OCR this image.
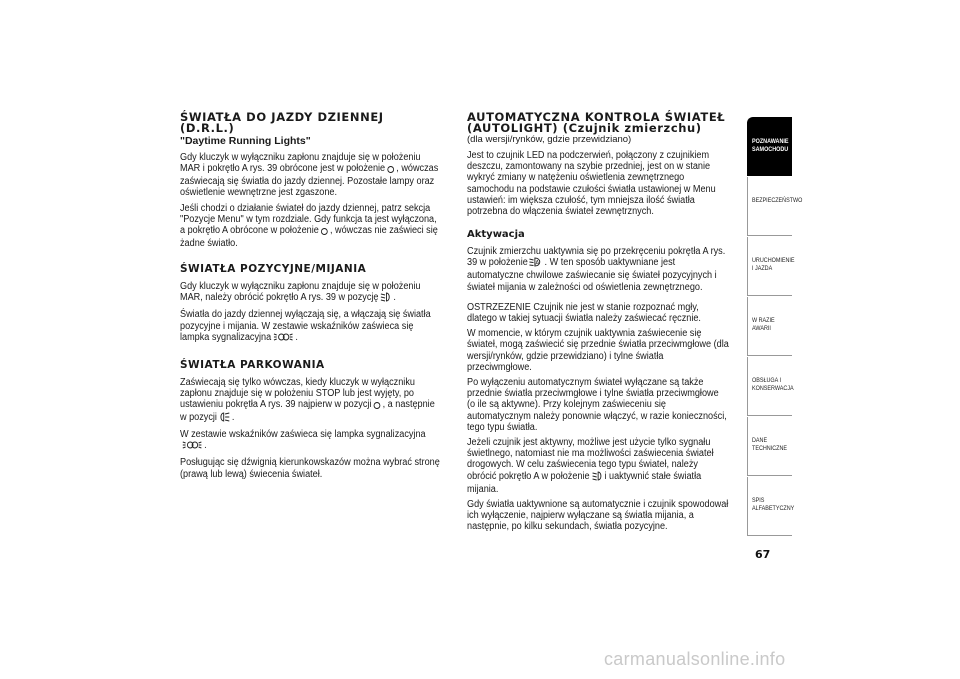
ŚWIATŁA DO JAZDY DZIENNEJ (D.R.L.)
"Daytime Running Lights"

Gdy kluczyk w wyłączniku zapłonu znajduje się w położeniu MAR i pokrętło A rys. 39 obrócone jest w położenie ⭘ , wówczas zaświecają się światła do jazdy dziennej. Pozostałe lampy oraz oświetlenie wewnętrzne jest zgaszone.

Jeśli chodzi o działanie świateł do jazdy dziennej, patrz sekcja "Pozycje Menu" w tym rozdziale. Gdy funkcja ta jest wyłączona, a pokrętło A obrócone w położenie ⭘ , wówczas nie zaświeci się żadne światło.

ŚWIATŁA POZYCYJNE/MIJANIA

Gdy kluczyk w wyłączniku zapłonu znajduje się w położeniu MAR, należy obrócić pokrętło A rys. 39 w pozycję .

Światła do jazdy dziennej wyłączają się, a włączają się światła pozycyjne i mijania. W zestawie wskaźników zaświeca się lampka sygnalizacyjna .

ŚWIATŁA PARKOWANIA

Zaświecają się tylko wówczas, kiedy kluczyk w wyłączniku zapłonu znajduje się w położeniu STOP lub jest wyjęty, po ustawieniu pokrętła A rys. 39 najpierw w pozycji ⭘ , a następnie w pozycji .

W zestawie wskaźników zaświeca się lampka sygnalizacyjna.

Posługując się dźwignią kierunkowskazów można wybrać stronę (prawą lub lewą) świecenia świateł.

AUTOMATYCZNA KONTROLA ŚWIATEŁ (AUTOLIGHT) (Czujnik zmierzchu)
(dla wersji/rynków, gdzie przewidziano)

Jest to czujnik LED na podczerwień, połączony z czujnikiem deszczu, zamontowany na szybie przedniej, jest on w stanie wykryć zmiany w natężeniu oświetlenia zewnętrznego samochodu na podstawie czułości światła ustawionej w Menu ustawień: im większa czułość, tym mniejsza ilość światła potrzebna do włączenia świateł zewnętrznych.

Aktywacja

Czujnik zmierzchu uaktywnia się po przekręceniu pokrętła A rys. 39 w położenie A . W ten sposób uaktywniane jest automatyczne chwilowe zaświecanie się świateł pozycyjnych i świateł mijania w zależności od oświetlenia zewnętrznego.

OSTRZEŻENIE Czujnik nie jest w stanie rozpoznać mgły, dlatego w takiej sytuacji światła należy zaświecać ręcznie.

W momencie, w którym czujnik uaktywnia zaświecenie się świateł, mogą zaświecić się przednie światła przeciwmgłowe (dla wersji/rynków, gdzie przewidziano) i tylne światła przeciwmgłowe.

Po wyłączeniu automatycznym świateł wyłączane są także przednie światła przeciwmgłowe i tylne światła przeciwmgłowe (o ile są aktywne). Przy kolejnym zaświeceniu się automatycznym należy ponownie włączyć, w razie konieczności, tego typu światła.

Jeżeli czujnik jest aktywny, możliwe jest użycie tylko sygnału świetlnego, natomiast nie ma możliwości zaświecenia świateł drogowych. W celu zaświecenia tego typu świateł, należy obrócić pokrętło A w położenie i uaktywnić stałe światła mijania.

Gdy światła uaktywnione są automatycznie i czujnik spowodował ich wyłączenie, najpierw wyłączane są światła mijania, a następnie, po kilku sekundach, światła pozycyjne.

POZNAWANIE SAMOCHODU
BEZPIECZEŃSTWO
URUCHOMIENIE I JAZDA
W RAZIE AWARII
OBSŁUGA I KONSERWACJA
DANE TECHNICZNE
SPIS ALFABETYCZNY
67
carmanualsonline.info
